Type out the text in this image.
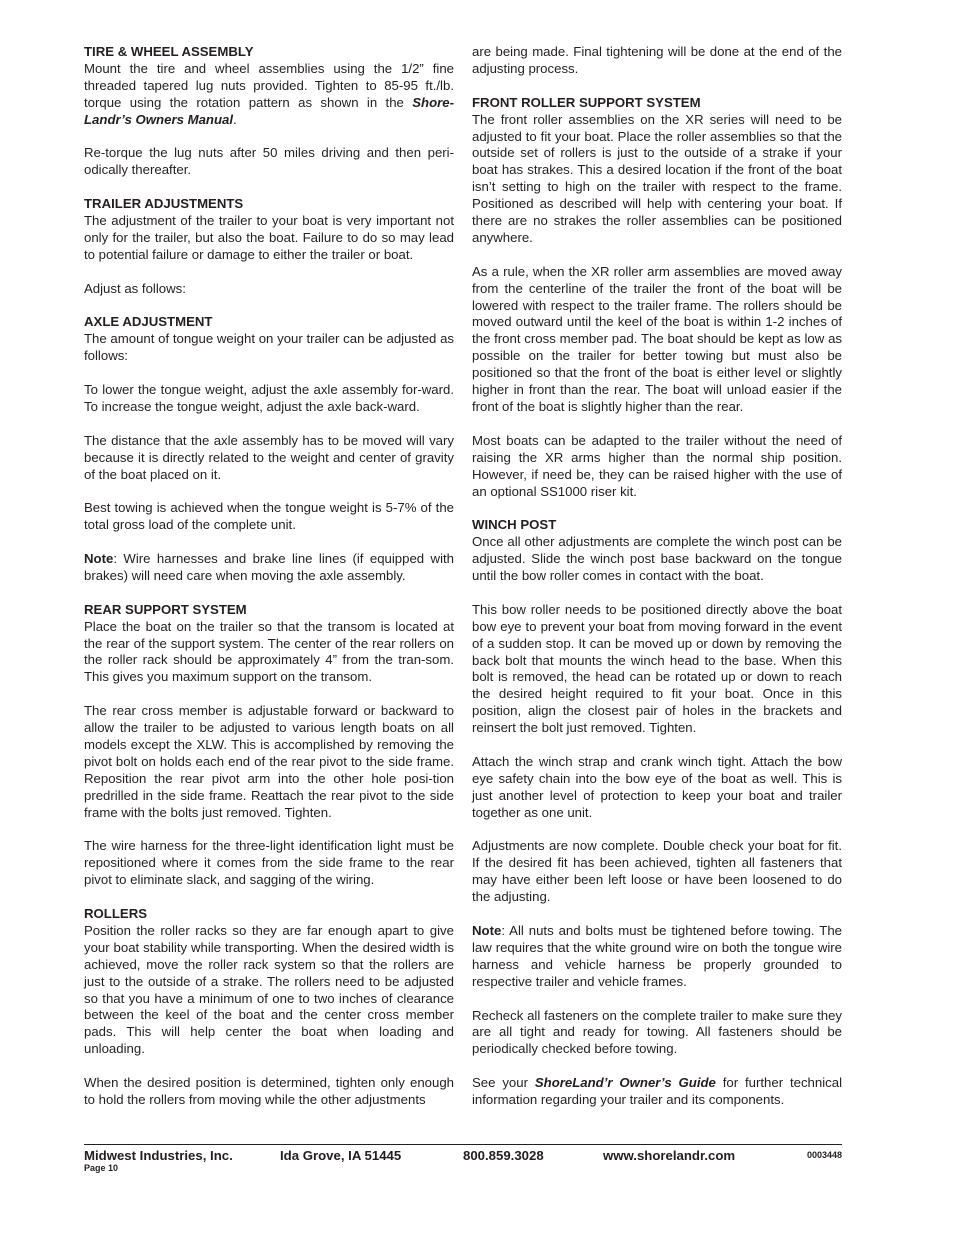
TIRE & WHEEL ASSEMBLY

Mount the tire and wheel assemblies using the 1/2” fine threaded tapered lug nuts provided. Tighten to 85-95 ft./lb. torque using the rotation pattern as shown in the Shore-Landr’s Owners Manual.

Re-torque the lug nuts after 50 miles driving and then peri-odically thereafter.

TRAILER ADJUSTMENTS

The adjustment of the trailer to your boat is very important not only for the trailer, but also the boat. Failure to do so may lead to potential failure or damage to either the trailer or boat.

Adjust as follows:

AXLE ADJUSTMENT

The amount of tongue weight on your trailer can be adjusted as follows:

To lower the tongue weight, adjust the axle assembly for-ward. To increase the tongue weight, adjust the axle back-ward.

The distance that the axle assembly has to be moved will vary because it is directly related to the weight and center of gravity of the boat placed on it.

Best towing is achieved when the tongue weight is 5-7% of the total gross load of the complete unit.

Note: Wire harnesses and brake line lines (if equipped with brakes) will need care when moving the axle assembly.

REAR SUPPORT SYSTEM

Place the boat on the trailer so that the transom is located at the rear of the support system. The center of the rear rollers on the roller rack should be approximately 4” from the tran-som. This gives you maximum support on the transom.

The rear cross member is adjustable forward or backward to allow the trailer to be adjusted to various length boats on all models except the XLW. This is accomplished by removing the pivot bolt on holds each end of the rear pivot to the side frame. Reposition the rear pivot arm into the other hole posi-tion predrilled in the side frame. Reattach the rear pivot to the side frame with the bolts just removed. Tighten.

The wire harness for the three-light identification light must be repositioned where it comes from the side frame to the rear pivot to eliminate slack, and sagging of the wiring.

ROLLERS

Position the roller racks so they are far enough apart to give your boat stability while transporting. When the desired width is achieved, move the roller rack system so that the rollers are just to the outside of a strake. The rollers need to be adjusted so that you have a minimum of one to two inches of clearance between the keel of the boat and the center cross member pads. This will help center the boat when loading and unloading.

When the desired position is determined, tighten only enough to hold the rollers from moving while the other adjustments

are being made. Final tightening will be done at the end of the adjusting process.

FRONT ROLLER SUPPORT SYSTEM

The front roller assemblies on the XR series will need to be adjusted to fit your boat. Place the roller assemblies so that the outside set of rollers is just to the outside of a strake if your boat has strakes. This a desired location if the front of the boat isn’t setting to high on the trailer with respect to the frame. Positioned as described will help with centering your boat. If there are no strakes the roller assemblies can be positioned anywhere.

As a rule, when the XR roller arm assemblies are moved away from the centerline of the trailer the front of the boat will be lowered with respect to the trailer frame. The rollers should be moved outward until the keel of the boat is within 1-2 inches of the front cross member pad. The boat should be kept as low as possible on the trailer for better towing but must also be positioned so that the front of the boat is either level or slightly higher in front than the rear. The boat will unload easier if the front of the boat is slightly higher than the rear.

Most boats can be adapted to the trailer without the need of raising the XR arms higher than the normal ship position. However, if need be, they can be raised higher with the use of an optional SS1000 riser kit.

WINCH POST

Once all other adjustments are complete the winch post can be adjusted. Slide the winch post base backward on the tongue until the bow roller comes in contact with the boat.

This bow roller needs to be positioned directly above the boat bow eye to prevent your boat from moving forward in the event of a sudden stop. It can be moved up or down by removing the back bolt that mounts the winch head to the base. When this bolt is removed, the head can be rotated up or down to reach the desired height required to fit your boat. Once in this position, align the closest pair of holes in the brackets and reinsert the bolt just removed. Tighten.

Attach the winch strap and crank winch tight. Attach the bow eye safety chain into the bow eye of the boat as well. This is just another level of protection to keep your boat and trailer together as one unit.

Adjustments are now complete. Double check your boat for fit. If the desired fit has been achieved, tighten all fasteners that may have either been left loose or have been loosened to do the adjusting.

Note: All nuts and bolts must be tightened before towing. The law requires that the white ground wire on both the tongue wire harness and vehicle harness be properly grounded to respective trailer and vehicle frames.

Recheck all fasteners on the complete trailer to make sure they are all tight and ready for towing. All fasteners should be periodically checked before towing.

See your ShoreLand’r Owner’s Guide for further technical information regarding your trailer and its components.

Midwest Industries, Inc.	Ida Grove, IA 51445	800.859.3028	www.shorelandr.com	0003448
Page 10
